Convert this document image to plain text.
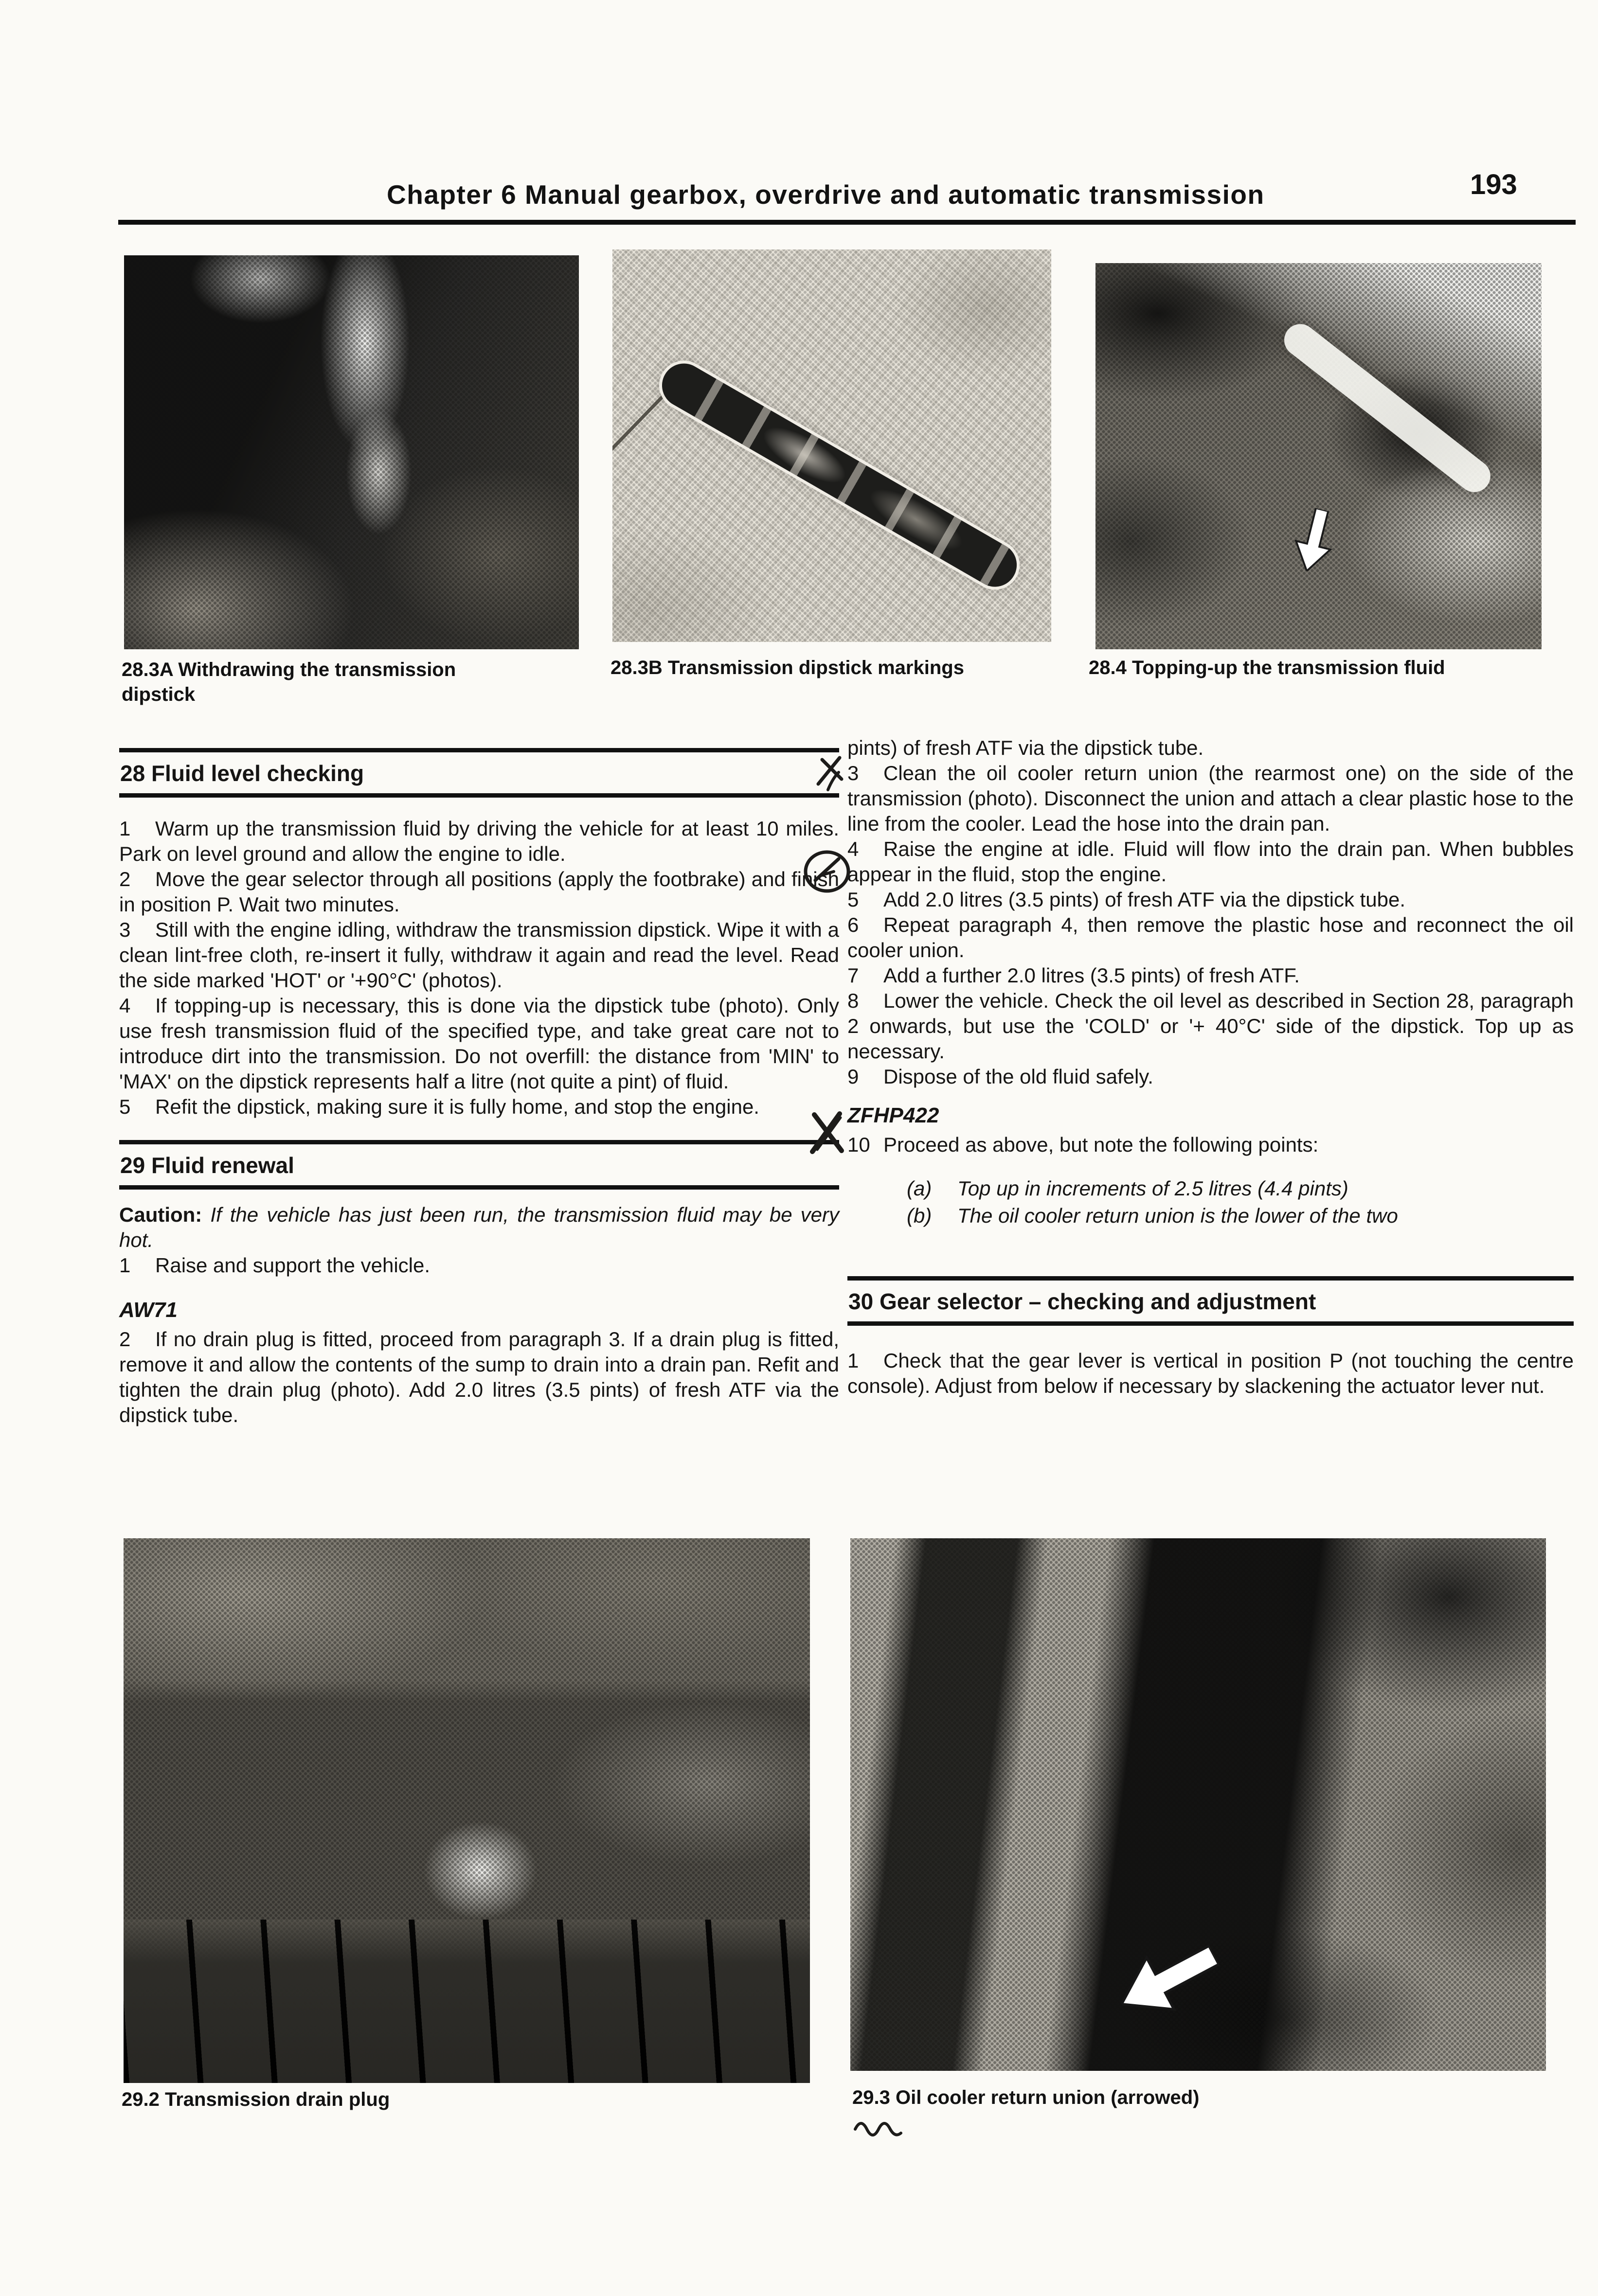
Chapter 6 Manual gearbox, overdrive and automatic transmission	193
28.3A Withdrawing the transmission dipstick
28.3B Transmission dipstick markings	28.4 Topping-up the transmission fluid
28 Fluid level checking

1 Warm up the transmission fluid by driving the vehicle for at least 10 miles. Park on level ground and allow the engine to idle.

2 Move the gear selector through all positions (apply the footbrake) and finish in position P. Wait two minutes.

3 Still with the engine idling, withdraw the transmission dipstick. Wipe it with a clean lint-free cloth, re-insert it fully, withdraw it again and read the level. Read the side marked 'HOT' or '+90°C' (photos).

4 If topping-up is necessary, this is done via the dipstick tube (photo). Only use fresh transmission fluid of the specified type, and take great care not to introduce dirt into the transmission. Do not overfill: the distance from 'MIN' to 'MAX' on the dipstick represents half a litre (not quite a pint) of fluid.

5 Refit the dipstick, making sure it is fully home, and stop the engine.

29 Fluid renewal

Caution: If the vehicle has just been run, the transmission fluid may be very hot.

1 Raise and support the vehicle.

AW71

2 If no drain plug is fitted, proceed from paragraph 3. If a drain plug is fitted, remove it and allow the contents of the sump to drain into a drain pan. Refit and tighten the drain plug (photo). Add 2.0 litres (3.5 pints) of fresh ATF via the dipstick tube.

pints) of fresh ATF via the dipstick tube.

3 Clean the oil cooler return union (the rearmost one) on the side of the transmission (photo). Disconnect the union and attach a clear plastic hose to the line from the cooler. Lead the hose into the drain pan.

4 Raise the engine at idle. Fluid will flow into the drain pan. When bubbles appear in the fluid, stop the engine.

5 Add 2.0 litres (3.5 pints) of fresh ATF via the dipstick tube.

6 Repeat paragraph 4, then remove the plastic hose and reconnect the oil cooler union.

7 Add a further 2.0 litres (3.5 pints) of fresh ATF.

8 Lower the vehicle. Check the oil level as described in Section 28, paragraph 2 onwards, but use the 'COLD' or '+ 40°C' side of the dipstick. Top up as necessary.

9 Dispose of the old fluid safely.

ZFHP422

10 Proceed as above, but note the following points:

(a) Top up in increments of 2.5 litres (4.4 pints)

(b) The oil cooler return union is the lower of the two

30 Gear selector – checking and adjustment

1 Check that the gear lever is vertical in position P (not touching the centre console). Adjust from below if necessary by slackening the actuator lever nut.

29.2 Transmission drain plug	29.3 Oil cooler return union (arrowed)
